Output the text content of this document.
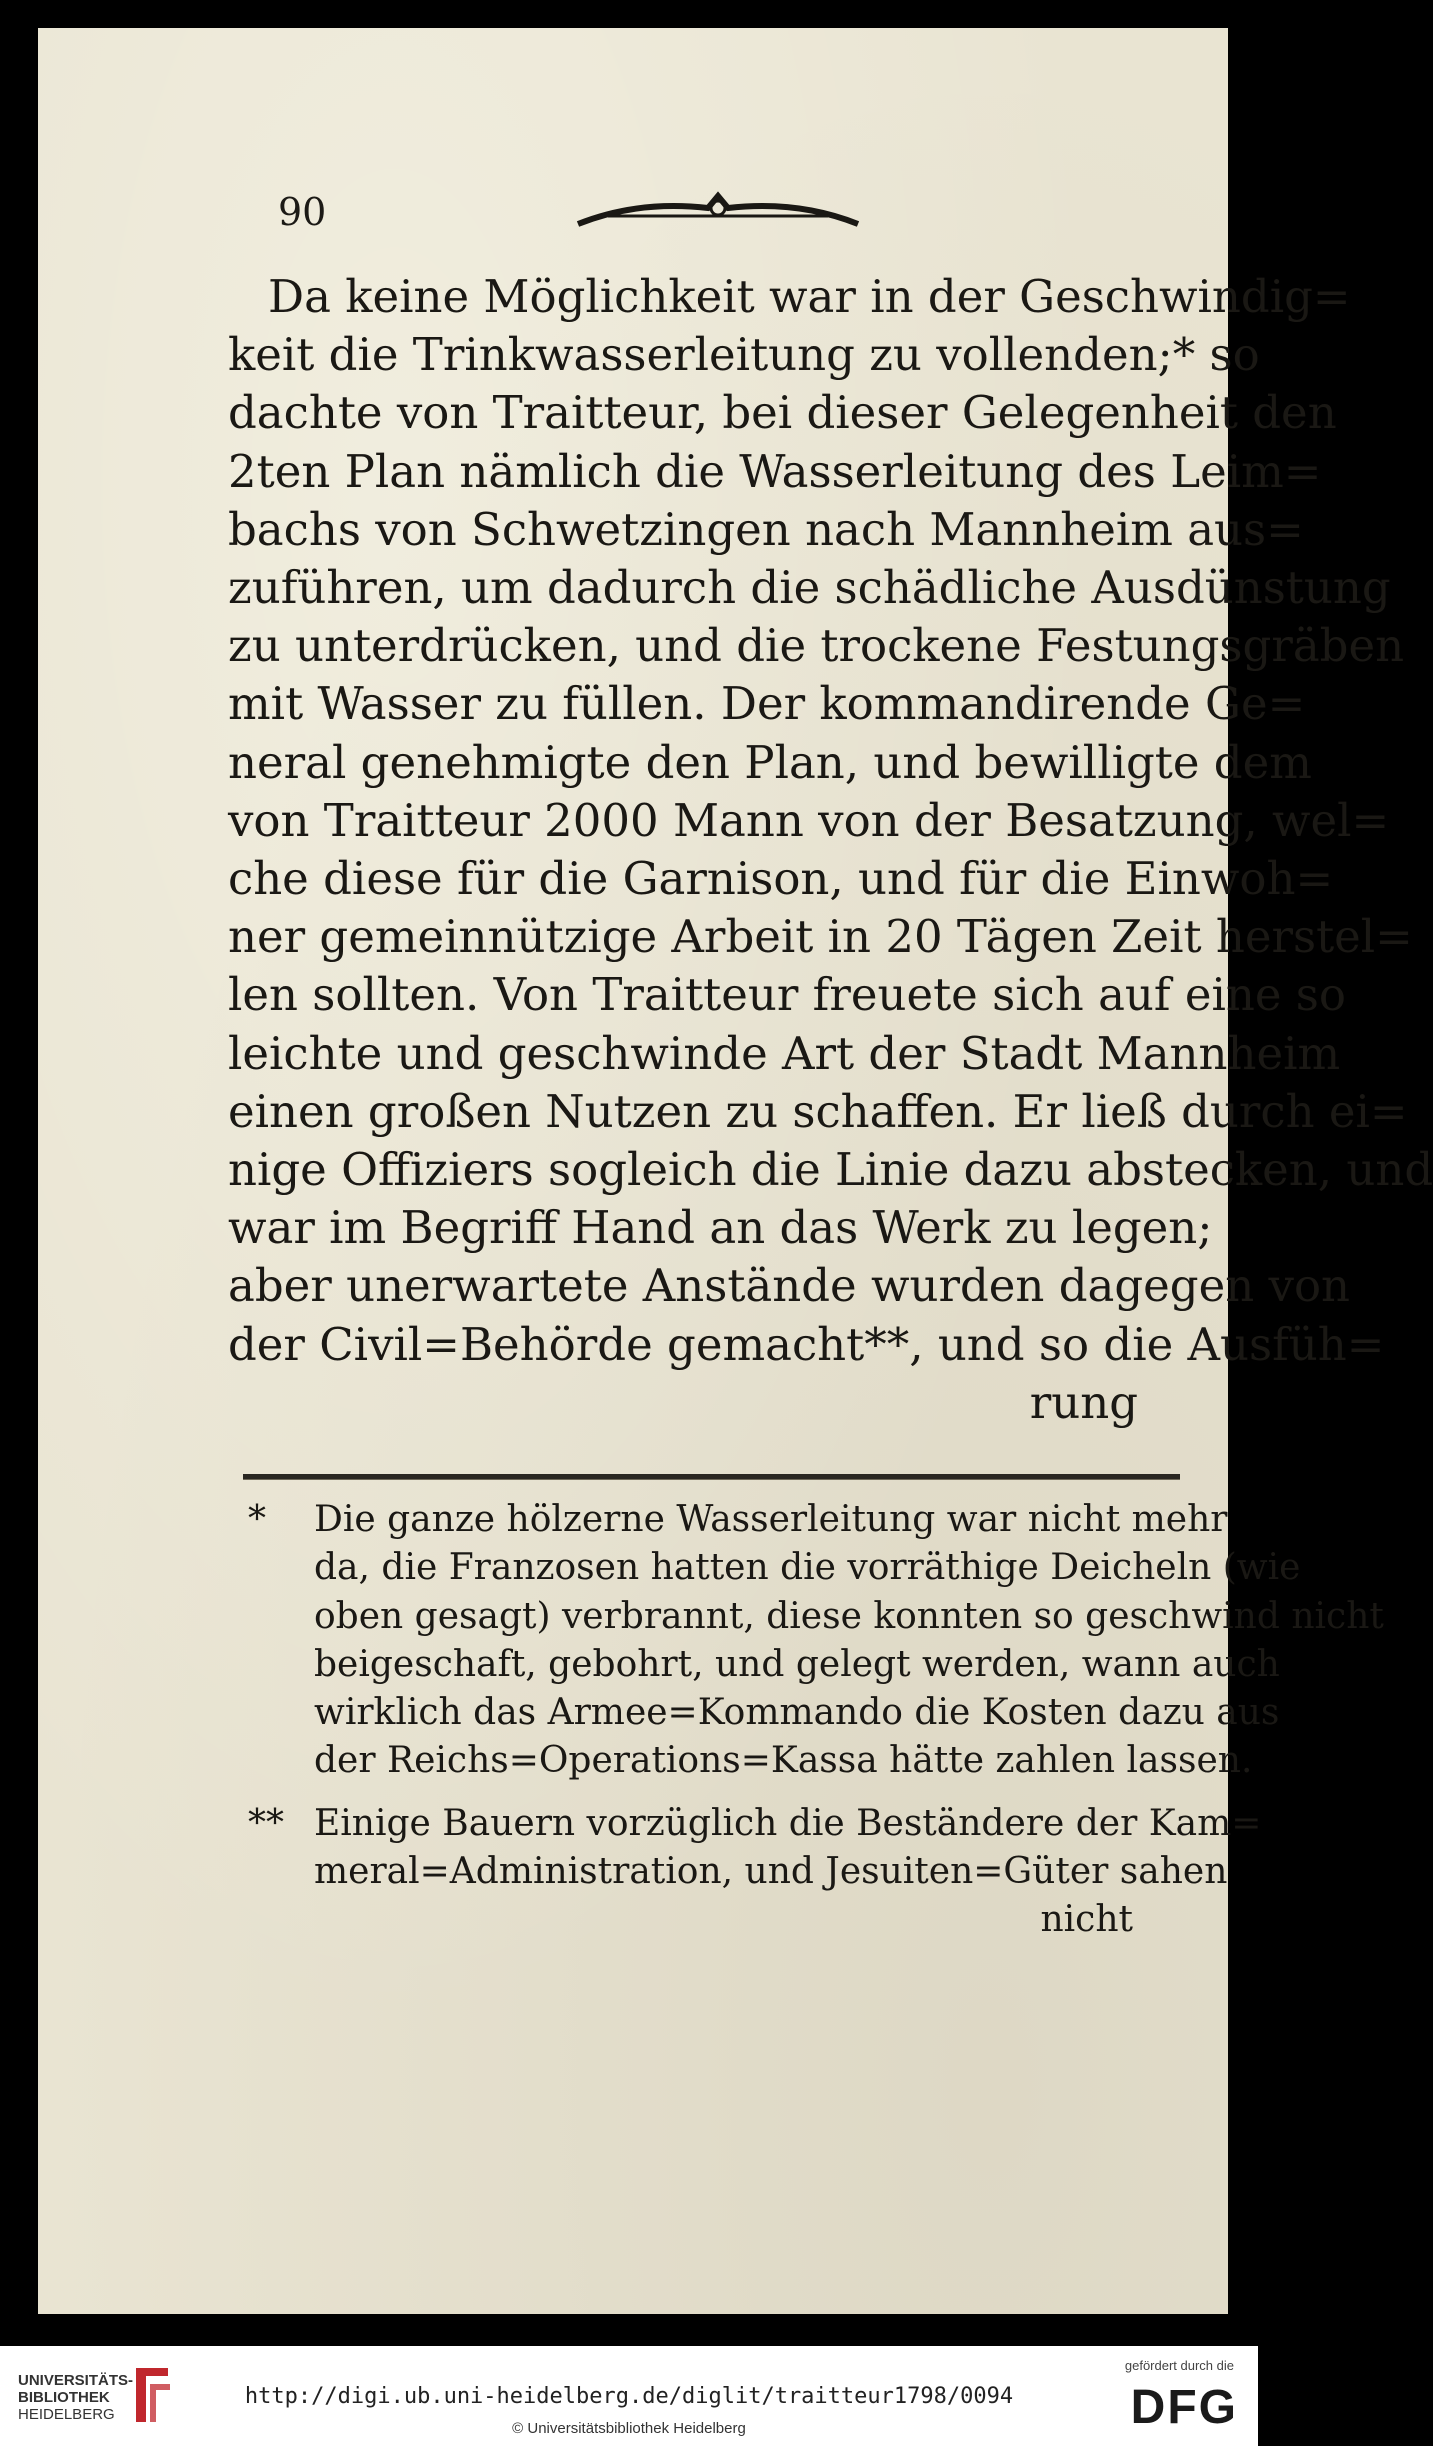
90
Da keine Möglichkeit war in der Geschwindig=
keit die Trinkwasserleitung zu vollenden;* so
dachte von Traitteur, bei dieser Gelegenheit den
2ten Plan nämlich die Wasserleitung des Leim=
bachs von Schwetzingen nach Mannheim aus=
zuführen, um dadurch die schädliche Ausdünstung
zu unterdrücken, und die trockene Festungsgräben
mit Wasser zu füllen. Der kommandirende Ge=
neral genehmigte den Plan, und bewilligte dem
von Traitteur 2000 Mann von der Besatzung, wel=
che diese für die Garnison, und für die Einwoh=
ner gemeinnützige Arbeit in 20 Tägen Zeit herstel=
len sollten. Von Traitteur freuete sich auf eine so
leichte und geschwinde Art der Stadt Mannheim
einen großen Nutzen zu schaffen. Er ließ durch ei=
nige Offiziers sogleich die Linie dazu abstecken, und
war im Begriff Hand an das Werk zu legen;
aber unerwartete Anstände wurden dagegen von
der Civil=Behörde gemacht**, und so die Ausfüh=
rung
* Die ganze hölzerne Wasserleitung war nicht mehr
da, die Franzosen hatten die vorräthige Deicheln (wie
oben gesagt) verbrannt, diese konnten so geschwind nicht
beigeschaft, gebohrt, und gelegt werden, wann auch
wirklich das Armee=Kommando die Kosten dazu aus
der Reichs=Operations=Kassa hätte zahlen lassen.
** Einige Bauern vorzüglich die Beständere der Kam=
meral=Administration, und Jesuiten=Güter sahen
nicht
UNIVERSITÄTS-
BIBLIOTHEK
HEIDELBERG
http://digi.ub.uni-heidelberg.de/diglit/traitteur1798/0094
© Universitätsbibliothek Heidelberg
gefördert durch die
DFG
